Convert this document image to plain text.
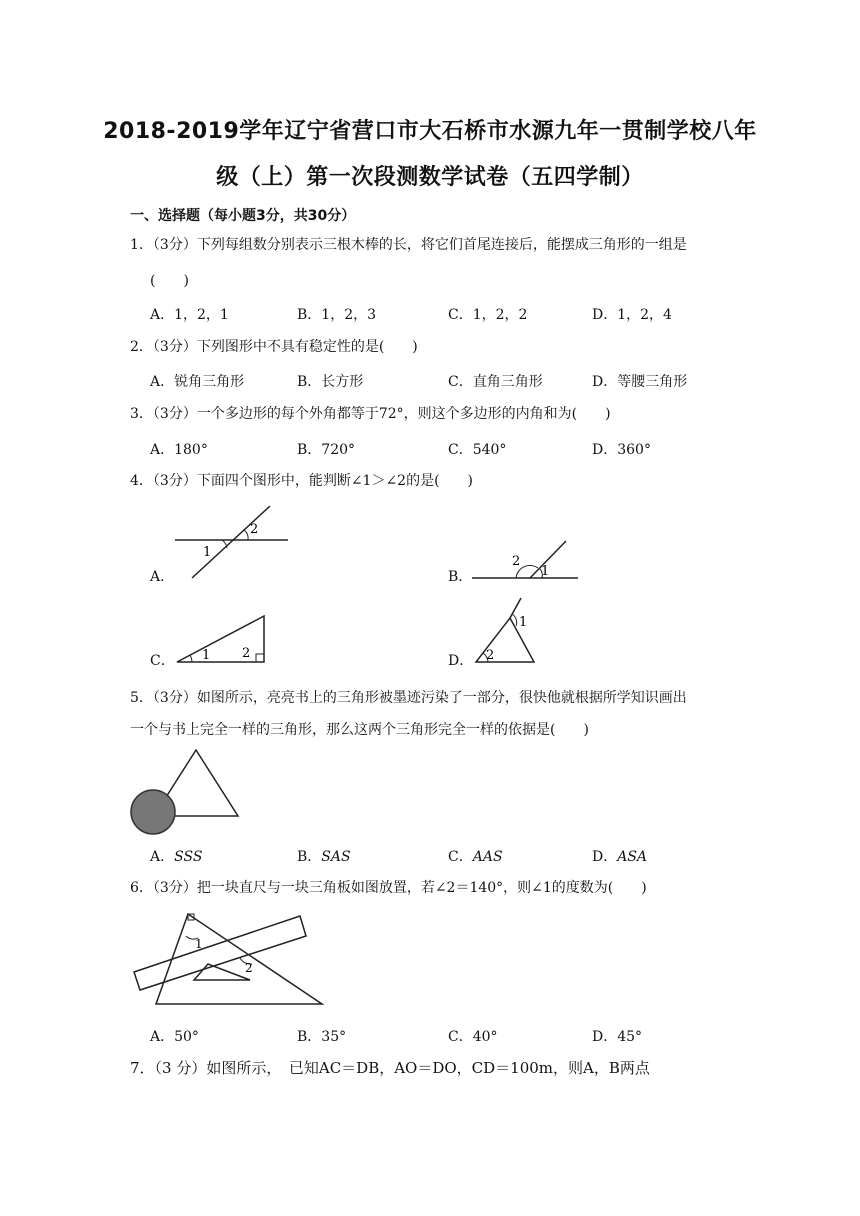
2018-2019学年辽宁省营口市大石桥市水源九年一贯制学校八年
级（上）第一次段测数学试卷（五四学制）
一、选择题（每小题3分，共30分）
1．（3分）下列每组数分别表示三根木棒的长，将它们首尾连接后，能摆成三角形的一组是
(　　)
A．1，2，1	B．1，2，3	C．1，2，2	D．1，2，4
2．（3分）下列图形中不具有稳定性的是(　　)
A．锐角三角形	B．长方形	C．直角三角形	D．等腰三角形
3．（3分）一个多边形的每个外角都等于72°，则这个多边形的内角和为(　　)
A．180°	B．720°	C．540°	D．360°
4．（3分）下面四个图形中，能判断∠1＞∠2的是(　　)
A．
1
2
B．
2
1
C． 1 2	D．
1
2
5．（3分）如图所示，亮亮书上的三角形被墨迹污染了一部分，很快他就根据所学知识画出
一个与书上完全一样的三角形，那么这两个三角形完全一样的依据是(　　)
A．SSS	B．SAS	C．AAS	D．ASA
6．（3分）把一块直尺与一块三角板如图放置，若∠2＝140°，则∠1的度数为(　　)
1
2
A．50°	B．35°	C．40°	D．45°
7．（3 分）如图所示，　已知AC＝DB，AO＝DO，CD＝100m，则A，B两点
